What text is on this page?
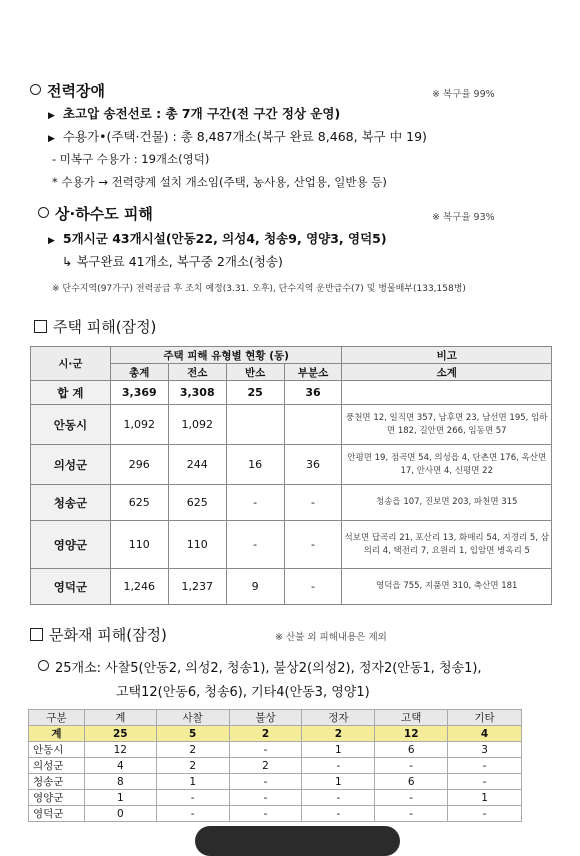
전력장애	※ 복구율 99%
▶ 초고압 송전선로 : 총 7개 구간(전 구간 정상 운영)
▶ 수용가•(주택·건물) : 총 8,487개소(복구 완료 8,468, 복구 中 19)
- 미복구 수용가 : 19개소(영덕)
* 수용가 → 전력량계 설치 개소임(주택, 농사용, 산업용, 일반용 등)
상·하수도 피해	※ 복구율 93%
▶ 5개시군 43개시설(안동22, 의성4, 청송9, 영양3, 영덕5)
↳ 복구완료 41개소, 복구중 2개소(청송)
※ 단수지역(97가구) 전력공급 후 조치 예정(3.31. 오후), 단수지역 운반급수(7) 및 병물배부(133,158병)
주택 피해(잠정)
시·군	주택 피해 유형별 현황 (동)				비고
	총계	전소	반소	부분소	소계
합 계	3,369	3,308	25	36	
안동시	1,092	1,092			풍천면 12, 일직면 357, 남후면 23, 남선면 195, 임하면 182, 길안면 266, 임동면 57
의성군	296	244	16	36	안평면 19, 점곡면 54, 의성읍 4, 단촌면 176, 옥산면 17, 안사면 4, 신평면 22
청송군	625	625	-	-	청송읍 107, 진보면 203, 파천면 315
영양군	110	110	-	-	석보면 답곡리 21, 포산리 13, 화매리 54, 지경리 5, 삼의리 4, 택전리 7, 요원리 1, 입암면 병옥리 5
영덕군	1,246	1,237	9	-	영덕읍 755, 지품면 310, 축산면 181
문화재 피해(잠정)	※ 산불 외 피해내용은 제외
25개소: 사찰5(안동2, 의성2, 청송1), 불상2(의성2), 정자2(안동1, 청송1),
고택12(안동6, 청송6), 기타4(안동3, 영양1)
구분	계	사찰	불상	정자	고택	기타
계	25	5	2	2	12	4
안동시	12	2	-	1	6	3
의성군	4	2	2	-	-	-
청송군	8	1	-	1	6	-
영양군	1	-	-	-	-	1
영덕군	0	-	-	-	-	-
